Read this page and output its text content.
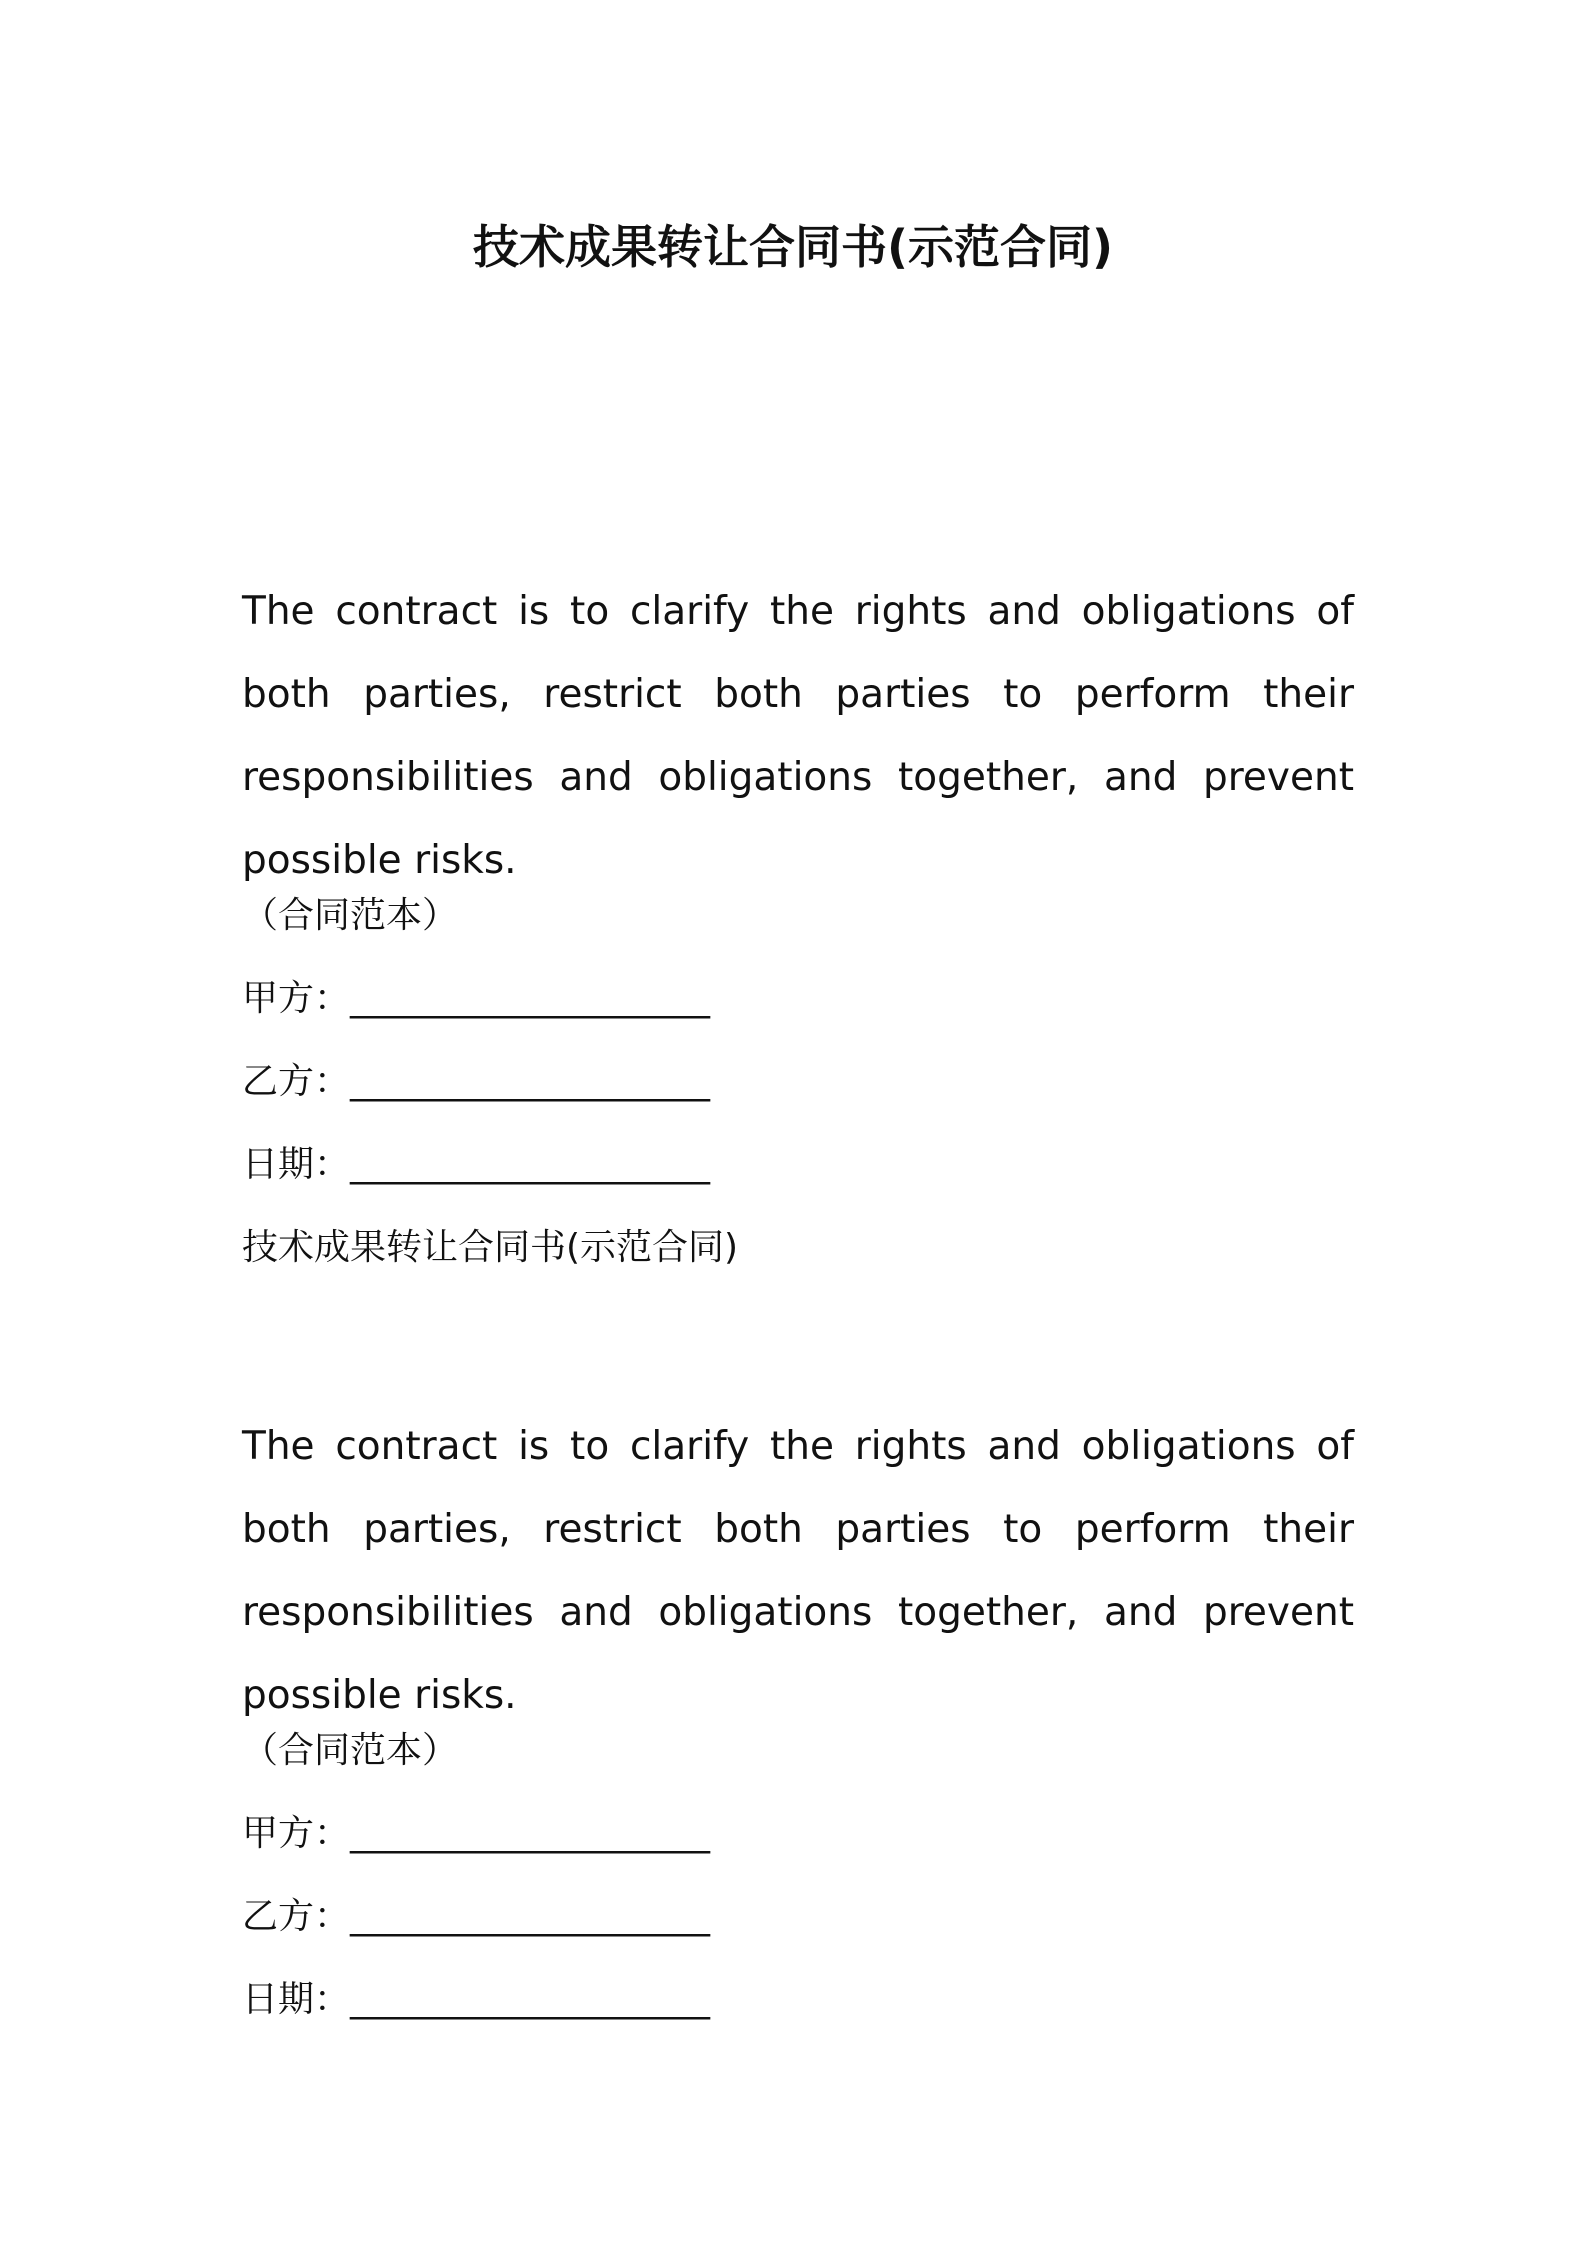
技术成果转让合同书(示范合同)

The contract is to clarify the rights and obligations of both parties, restrict both parties to perform their responsibilities and obligations together, and prevent possible risks.

（合同范本）

甲方：____________________
乙方：____________________
日期：____________________

技术成果转让合同书(示范合同)

The contract is to clarify the rights and obligations of both parties, restrict both parties to perform their responsibilities and obligations together, and prevent possible risks.

（合同范本）

甲方：____________________
乙方：____________________
日期：____________________
